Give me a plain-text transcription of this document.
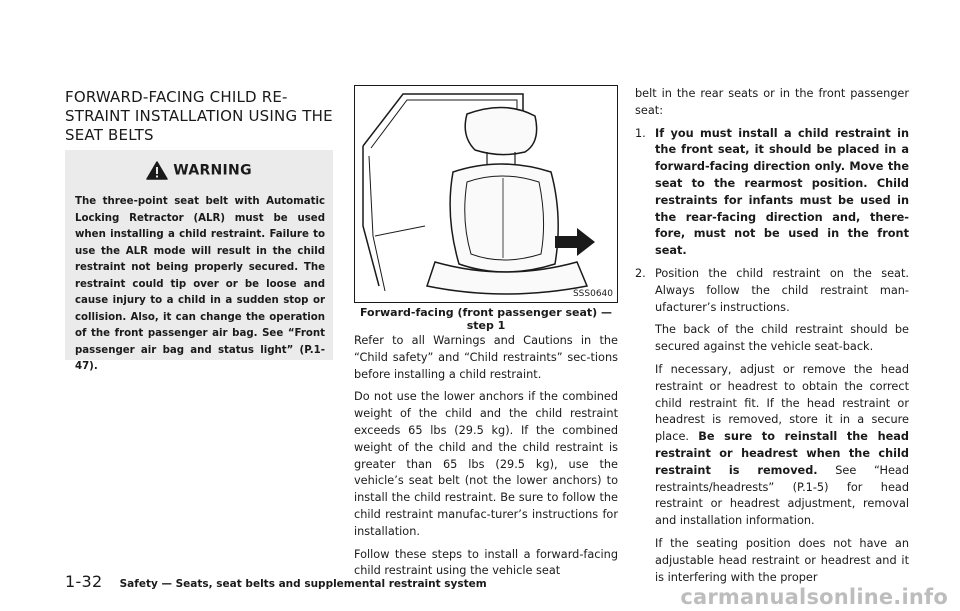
FORWARD-FACING CHILD RE-
STRAINT INSTALLATION USING THE
SEAT BELTS
WARNING
The three-point seat belt with Automatic Locking Retractor (ALR) must be used when installing a child restraint. Failure to use the ALR mode will result in the child restraint not being properly secured. The restraint could tip over or be loose and cause injury to a child in a sudden stop or collision. Also, it can change the operation of the front passenger air bag. See “Front passenger air bag and status light” (P.1-47).
SSS0640
Forward-facing (front passenger seat) —
step 1

Refer to all Warnings and Cautions in the “Child safety” and “Child restraints” sec-tions before installing a child restraint.

Do not use the lower anchors if the combined weight of the child and the child restraint exceeds 65 lbs (29.5 kg). If the combined weight of the child and the child restraint is greater than 65 lbs (29.5 kg), use the vehicle’s seat belt (not the lower anchors) to install the child restraint. Be sure to follow the child restraint manufac-turer’s instructions for installation.

Follow these steps to install a forward-facing child restraint using the vehicle seat

belt in the rear seats or in the front passenger seat:

1. If you must install a child restraint in the front seat, it should be placed in a forward-facing direction only. Move the seat to the rearmost position. Child restraints for infants must be used in the rear-facing direction and, there-fore, must not be used in the front seat.

2. Position the child restraint on the seat. Always follow the child restraint man-ufacturer’s instructions.

The back of the child restraint should be secured against the vehicle seat-back.

If necessary, adjust or remove the head restraint or headrest to obtain the correct child restraint fit. If the head restraint or headrest is removed, store it in a secure place. Be sure to reinstall the head restraint or headrest when the child restraint is removed. See “Head restraints/headrests” (P.1-5) for head restraint or headrest adjustment, removal and installation information.

If the seating position does not have an adjustable head restraint or headrest and it is interfering with the proper

1-32 Safety — Seats, seat belts and supplemental restraint system
carmanualsonline.info
